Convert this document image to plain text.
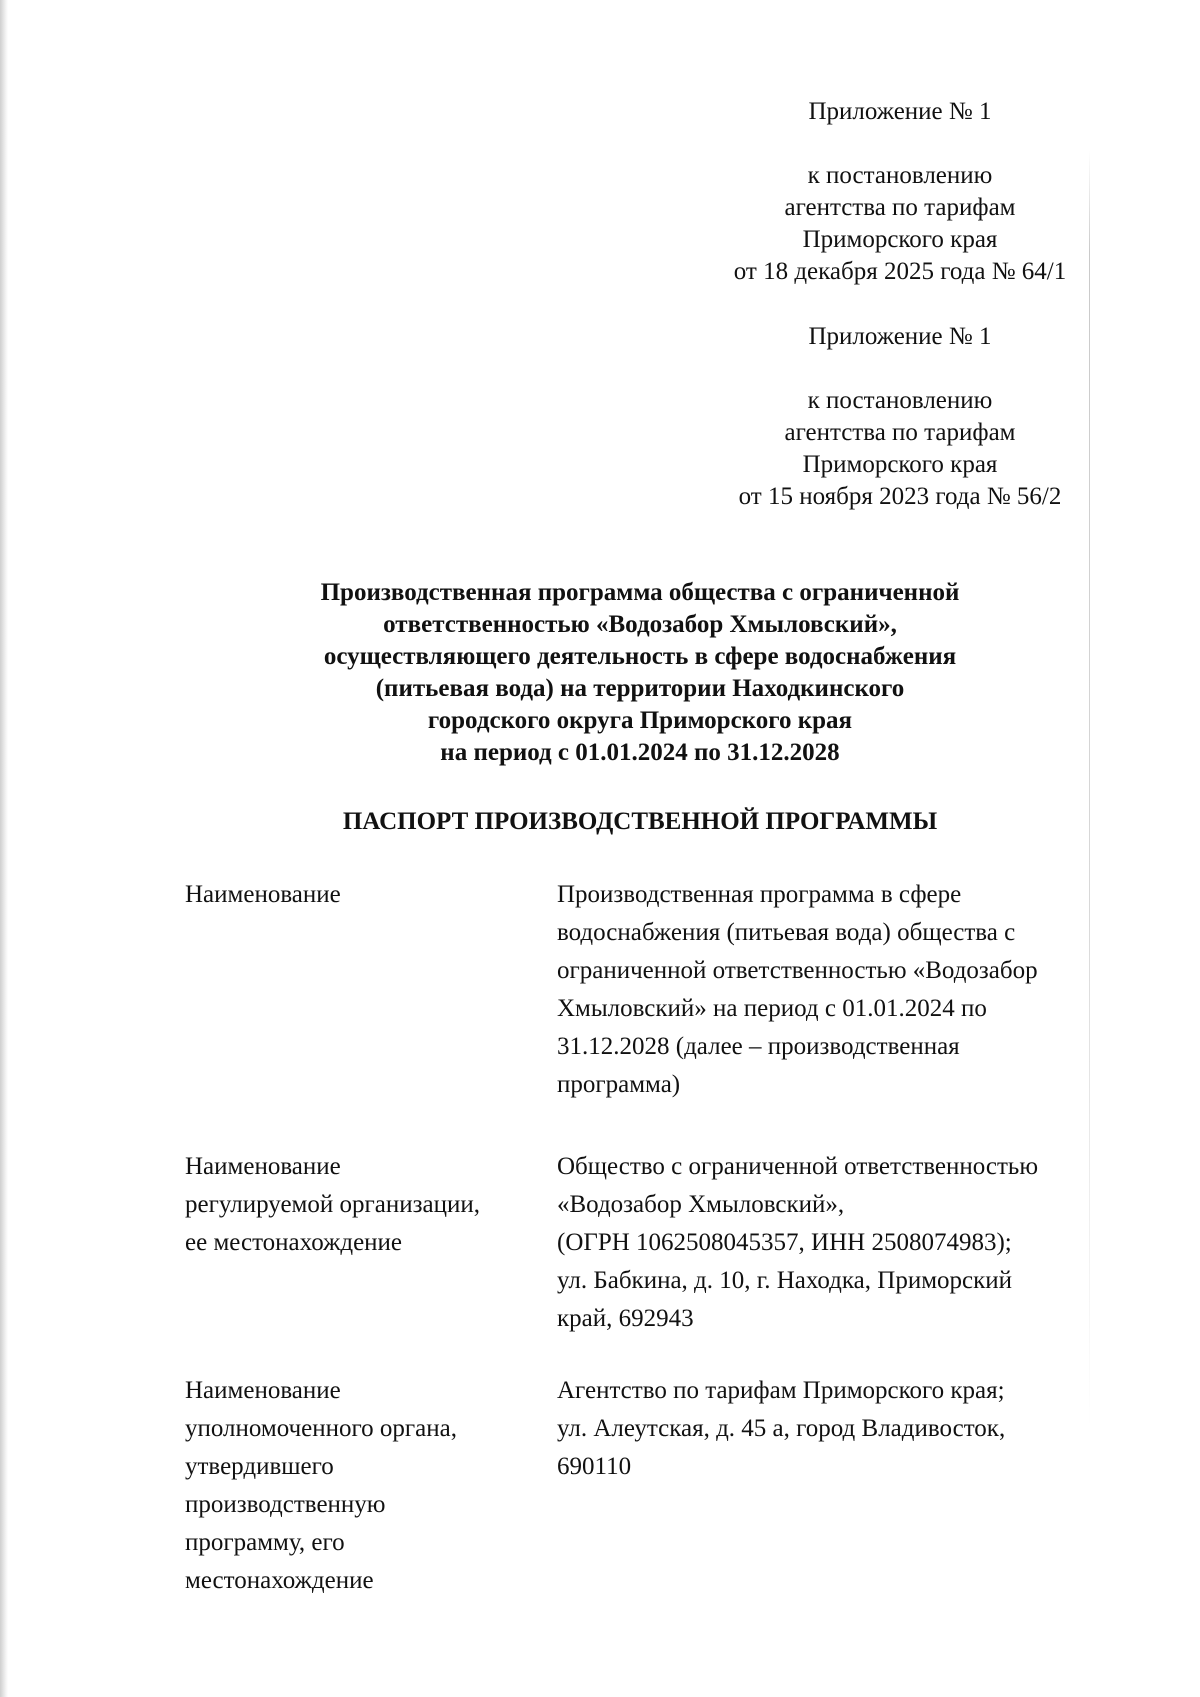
Приложение № 1

к постановлению

агентства по тарифам

Приморского края

от 18 декабря 2025 года № 64/1

Приложение № 1

к постановлению

агентства по тарифам

Приморского края

от 15 ноября 2023 года № 56/2

Производственная программа общества с ограниченной

ответственностью «Водозабор Хмыловский»,

осуществляющего деятельность в сфере водоснабжения

(питьевая вода) на территории Находкинского

городского округа Приморского края

на период с 01.01.2024 по 31.12.2028

ПАСПОРТ ПРОИЗВОДСТВЕННОЙ ПРОГРАММЫ

Наименование	Производственная программа в сфере

водоснабжения (питьевая вода) общества с

ограниченной ответственностью «Водозабор

Хмыловский» на период с 01.01.2024 по

31.12.2028 (далее – производственная

программа)

Наименование

регулируемой организации,

ее местонахождение

Общество с ограниченной ответственностью

«Водозабор Хмыловский»,

(ОГРН 1062508045357, ИНН 2508074983);

ул. Бабкина, д. 10, г. Находка, Приморский

край, 692943

Наименование

уполномоченного органа,

утвердившего

производственную

программу, его

местонахождение

Агентство по тарифам Приморского края;

ул. Алеутская, д. 45 а, город Владивосток,

690110
